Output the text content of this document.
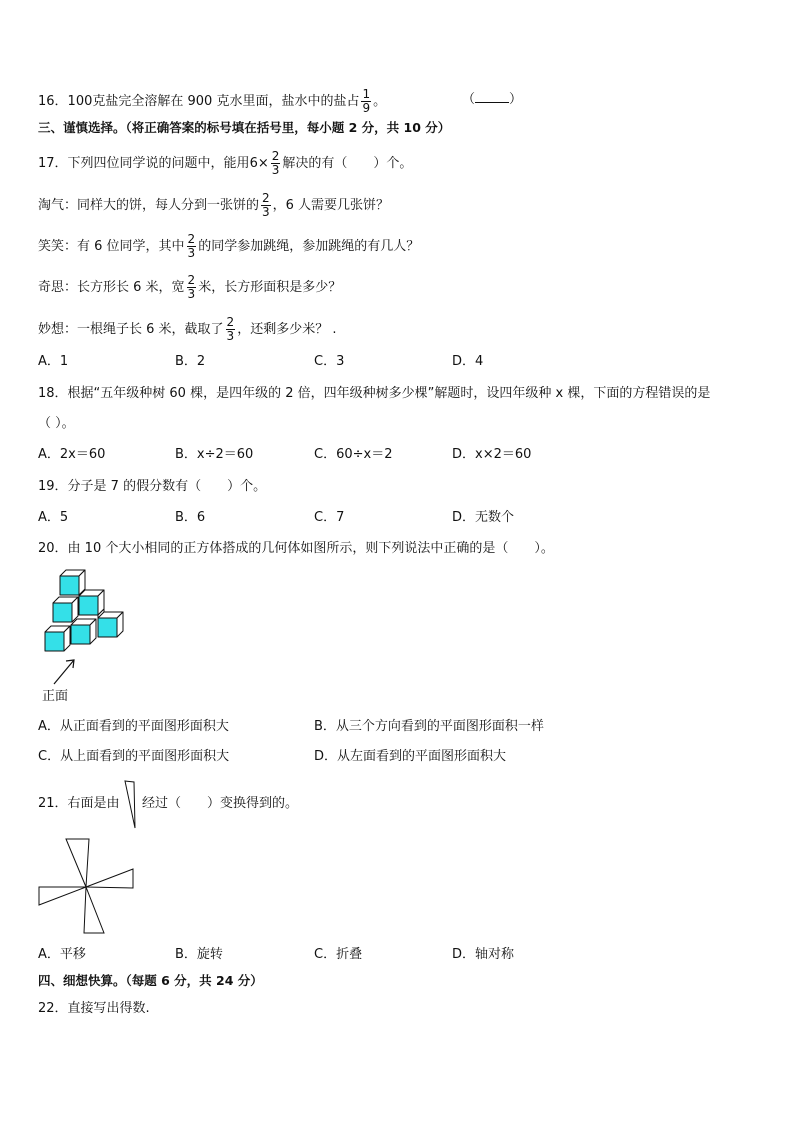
16．100克盐完全溶解在 900 克水里面，盐水中的盐占 $\frac{1}{9}$ 。	（	）
三、谨慎选择。（将正确答案的标号填在括号里，每小题 2 分，共 10 分）
17．下列四位同学说的问题中，能用$6\times \frac{2}{3}$ 解决的有（　　）个。
淘气：同样大的饼，每人分到一张饼的 $\frac{2}{3}$ ，6 人需要几张饼？
笑笑：有 6 位同学，其中 $\frac{2}{3}$ 的同学参加跳绳，参加跳绳的有几人？
奇思：长方形长 6 米，宽 $\frac{2}{3}$ 米，长方形面积是多少？
妙想：一根绳子长 6 米，截取了 $\frac{2}{3}$ ，还剩多少米？ .
A．1	B．2	C．3	D．4
18．根据“五年级种树 60 棵，是四年级的 2 倍，四年级种树多少棵”解题时，设四年级种 x 棵，下面的方程错误的是
（ ）。
A．2x＝60	B．x÷2＝60	C．60÷x＝2	D．x×2＝60
19．分子是 7 的假分数有（　　）个。
A．5	B．6	C．7	D．无数个
20．由 10 个大小相同的正方体搭成的几何体如图所示，则下列说法中正确的是（　　）。
正面
A．从正面看到的平面图形面积大	B．从三个方向看到的平面图形面积一样
C．从上面看到的平面图形面积大	D．从左面看到的平面图形面积大
21．右面是由 经过（　　）变换得到的。
A．平移	B．旋转	C．折叠	D．轴对称
四、细想快算。（每题 6 分，共 24 分）
22．直接写出得数.
